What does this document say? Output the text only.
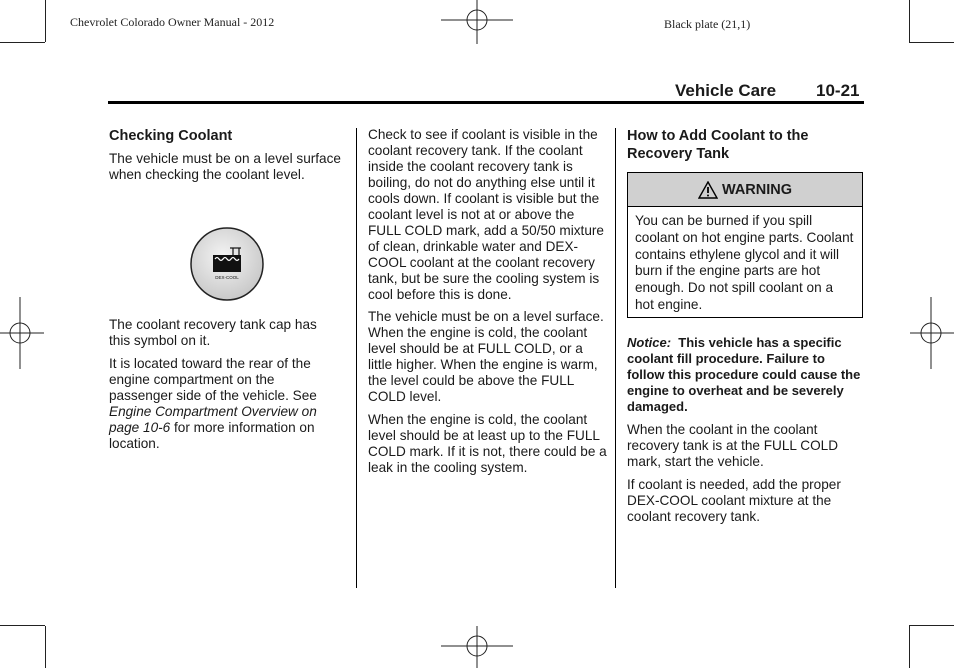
Chevrolet Colorado Owner Manual - 2012	Black plate (21,1)
Vehicle Care 10-21

Checking Coolant

The vehicle must be on a level surface when checking the coolant level.

DEX-COOL

The coolant recovery tank cap has this symbol on it.

It is located toward the rear of the engine compartment on the passenger side of the vehicle. See Engine Compartment Overview on page 10-6 for more information on location.

Check to see if coolant is visible in the coolant recovery tank. If the coolant inside the coolant recovery tank is boiling, do not do anything else until it cools down. If coolant is visible but the coolant level is not at or above the FULL COLD mark, add a 50/50 mixture of clean, drinkable water and DEX-COOL coolant at the coolant recovery tank, but be sure the cooling system is cool before this is done.

The vehicle must be on a level surface. When the engine is cold, the coolant level should be at FULL COLD, or a little higher. When the engine is warm, the level could be above the FULL COLD level.

When the engine is cold, the coolant level should be at least up to the FULL COLD mark. If it is not, there could be a leak in the cooling system.

How to Add Coolant to the Recovery Tank

WARNING
You can be burned if you spill coolant on hot engine parts. Coolant contains ethylene glycol and it will burn if the engine parts are hot enough. Do not spill coolant on a hot engine.

Notice: This vehicle has a specific coolant fill procedure. Failure to follow this procedure could cause the engine to overheat and be severely damaged.

When the coolant in the coolant recovery tank is at the FULL COLD mark, start the vehicle.

If coolant is needed, add the proper DEX-COOL coolant mixture at the coolant recovery tank.
